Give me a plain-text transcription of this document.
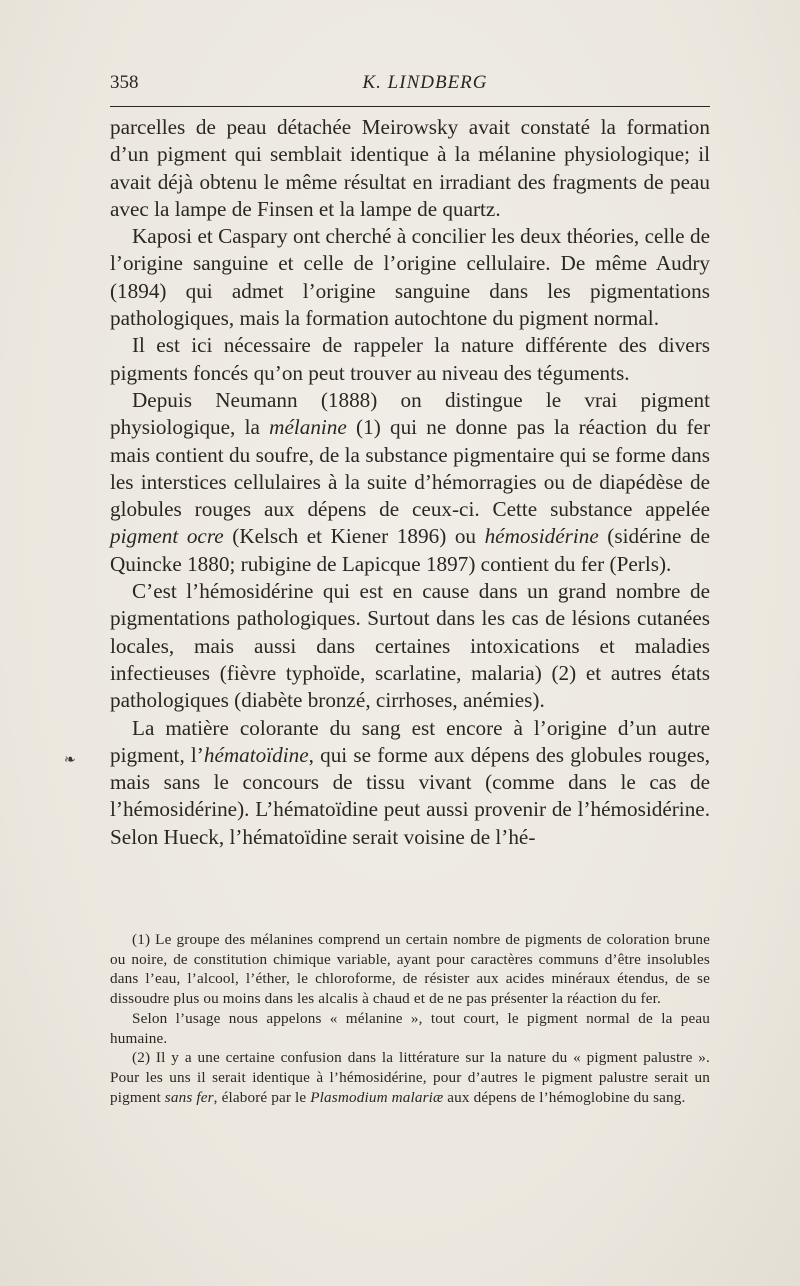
358	K. LINDBERG

parcelles de peau détachée Meirowsky avait constaté la formation d’un pigment qui semblait identique à la mélanine physiologique; il avait déjà obtenu le même résultat en irradiant des fragments de peau avec la lampe de Finsen et la lampe de quartz.

Kaposi et Caspary ont cherché à concilier les deux théories, celle de l’origine sanguine et celle de l’origine cellulaire. De même Audry (1894) qui admet l’origine sanguine dans les pigmentations pathologiques, mais la formation autochtone du pigment normal.

Il est ici nécessaire de rappeler la nature différente des divers pigments foncés qu’on peut trouver au niveau des téguments.

Depuis Neumann (1888) on distingue le vrai pigment physiologique, la mélanine (1) qui ne donne pas la réaction du fer mais contient du soufre, de la substance pigmentaire qui se forme dans les interstices cellulaires à la suite d’hémorragies ou de diapédèse de globules rouges aux dépens de ceux-ci. Cette substance appelée pigment ocre (Kelsch et Kiener 1896) ou hémosidérine (sidérine de Quincke 1880; rubigine de Lapicque 1897) contient du fer (Perls).

C’est l’hémosidérine qui est en cause dans un grand nombre de pigmentations pathologiques. Surtout dans les cas de lésions cutanées locales, mais aussi dans certaines intoxications et maladies infectieuses (fièvre typhoïde, scarlatine, malaria) (2) et autres états pathologiques (diabète bronzé, cirrhoses, anémies).

La matière colorante du sang est encore à l’origine d’un autre pigment, l’hématoïdine, qui se forme aux dépens des globules rouges, mais sans le concours de tissu vivant (comme dans le cas de l’hémosidérine). L’hématoïdine peut aussi provenir de l’hémosidérine. Selon Hueck, l’hématoïdine serait voisine de l’hé-

❧

(1) Le groupe des mélanines comprend un certain nombre de pigments de coloration brune ou noire, de constitution chimique variable, ayant pour caractères communs d’être insolubles dans l’eau, l’alcool, l’éther, le chloroforme, de résister aux acides minéraux étendus, de se dissoudre plus ou moins dans les alcalis à chaud et de ne pas présenter la réaction du fer.

Selon l’usage nous appelons « mélanine », tout court, le pigment normal de la peau humaine.

(2) Il y a une certaine confusion dans la littérature sur la nature du « pigment palustre ». Pour les uns il serait identique à l’hémosidérine, pour d’autres le pigment palustre serait un pigment sans fer, élaboré par le Plasmodium malariæ aux dépens de l’hémoglobine du sang.
